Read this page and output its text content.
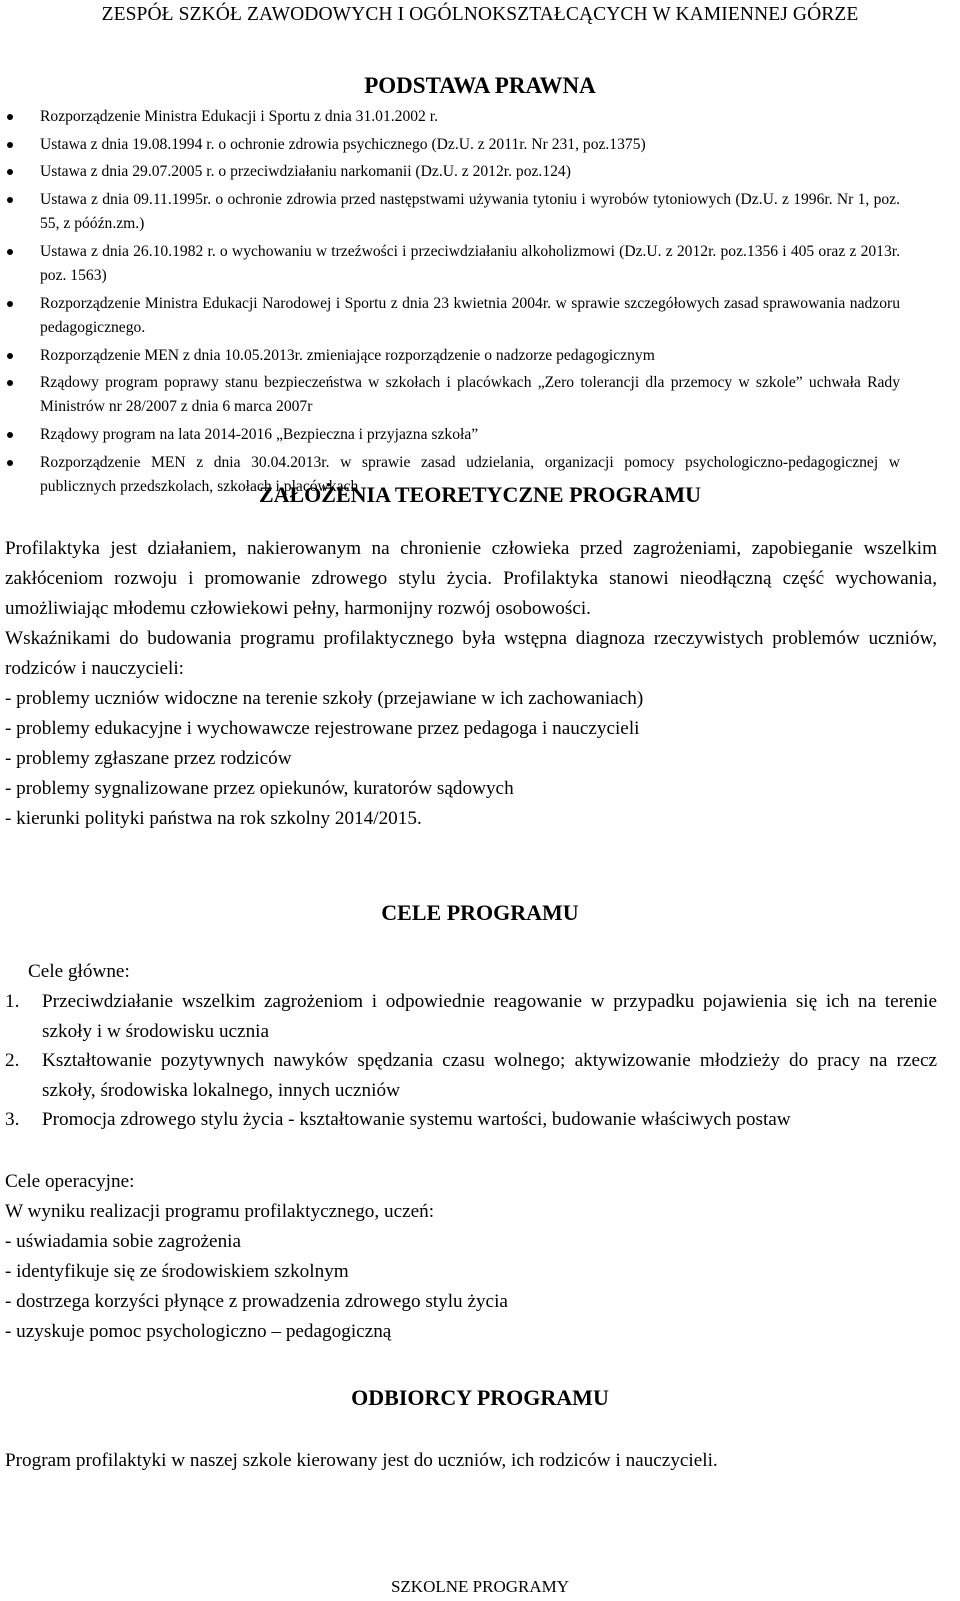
ZESPÓŁ SZKÓŁ ZAWODOWYCH I OGÓLNOKSZTAŁCĄCYCH W KAMIENNEJ GÓRZE
PODSTAWA PRAWNA
Rozporządzenie Ministra Edukacji i Sportu z dnia 31.01.2002 r.
Ustawa z dnia 19.08.1994 r. o ochronie zdrowia psychicznego (Dz.U. z 2011r. Nr 231, poz.1375)
Ustawa z dnia 29.07.2005 r. o przeciwdziałaniu narkomanii (Dz.U. z 2012r. poz.124)
Ustawa z dnia 09.11.1995r. o ochronie zdrowia przed następstwami używania tytoniu i wyrobów tytoniowych (Dz.U. z 1996r. Nr 1, poz. 55, z póóźn.zm.)
Ustawa z dnia 26.10.1982 r. o wychowaniu w trzeźwości i przeciwdziałaniu alkoholizmowi (Dz.U. z 2012r. poz.1356 i 405 oraz z 2013r. poz. 1563)
Rozporządzenie Ministra Edukacji Narodowej i Sportu z dnia 23 kwietnia 2004r. w sprawie szczegółowych zasad sprawowania nadzoru pedagogicznego.
Rozporządzenie MEN z dnia 10.05.2013r. zmieniające rozporządzenie o nadzorze pedagogicznym
Rządowy program poprawy stanu bezpieczeństwa w szkołach i placówkach „Zero tolerancji dla przemocy w szkole” uchwała Rady Ministrów nr 28/2007 z dnia 6 marca 2007r
Rządowy program na lata 2014-2016 „Bezpieczna i przyjazna szkoła”
Rozporządzenie MEN z dnia 30.04.2013r. w sprawie zasad udzielania, organizacji pomocy psychologiczno-pedagogicznej w publicznych przedszkolach, szkołach i placówkach
ZAŁOŻENIA TEORETYCZNE PROGRAMU

Profilaktyka jest działaniem, nakierowanym na chronienie człowieka przed zagrożeniami, zapobieganie wszelkim zakłóceniom rozwoju i promowanie zdrowego stylu życia. Profilaktyka stanowi nieodłączną część wychowania, umożliwiając młodemu człowiekowi pełny, harmonijny rozwój osobowości.

Wskaźnikami do budowania programu profilaktycznego była wstępna diagnoza rzeczywistych problemów uczniów, rodziców i nauczycieli:

- problemy uczniów widoczne na terenie szkoły (przejawiane w ich zachowaniach)

- problemy edukacyjne i wychowawcze rejestrowane przez pedagoga i nauczycieli

- problemy zgłaszane przez rodziców

- problemy sygnalizowane przez opiekunów, kuratorów sądowych

- kierunki polityki państwa na rok szkolny 2014/2015.

CELE PROGRAMU

Cele główne:

1. Przeciwdziałanie wszelkim zagrożeniom i odpowiednie reagowanie w przypadku pojawienia się ich na terenie szkoły i w środowisku ucznia
2. Kształtowanie pozytywnych nawyków spędzania czasu wolnego; aktywizowanie młodzieży do pracy na rzecz szkoły, środowiska lokalnego, innych uczniów
3. Promocja zdrowego stylu życia - kształtowanie systemu wartości, budowanie właściwych postaw

Cele operacyjne:

W wyniku realizacji programu profilaktycznego, uczeń:

- uświadamia sobie zagrożenia

- identyfikuje się ze środowiskiem szkolnym

- dostrzega korzyści płynące z prowadzenia zdrowego stylu życia

- uzyskuje pomoc psychologiczno – pedagogiczną

ODBIORCY PROGRAMU

Program profilaktyki w naszej szkole kierowany jest do uczniów, ich rodziców i nauczycieli.

SZKOLNE PROGRAMY
